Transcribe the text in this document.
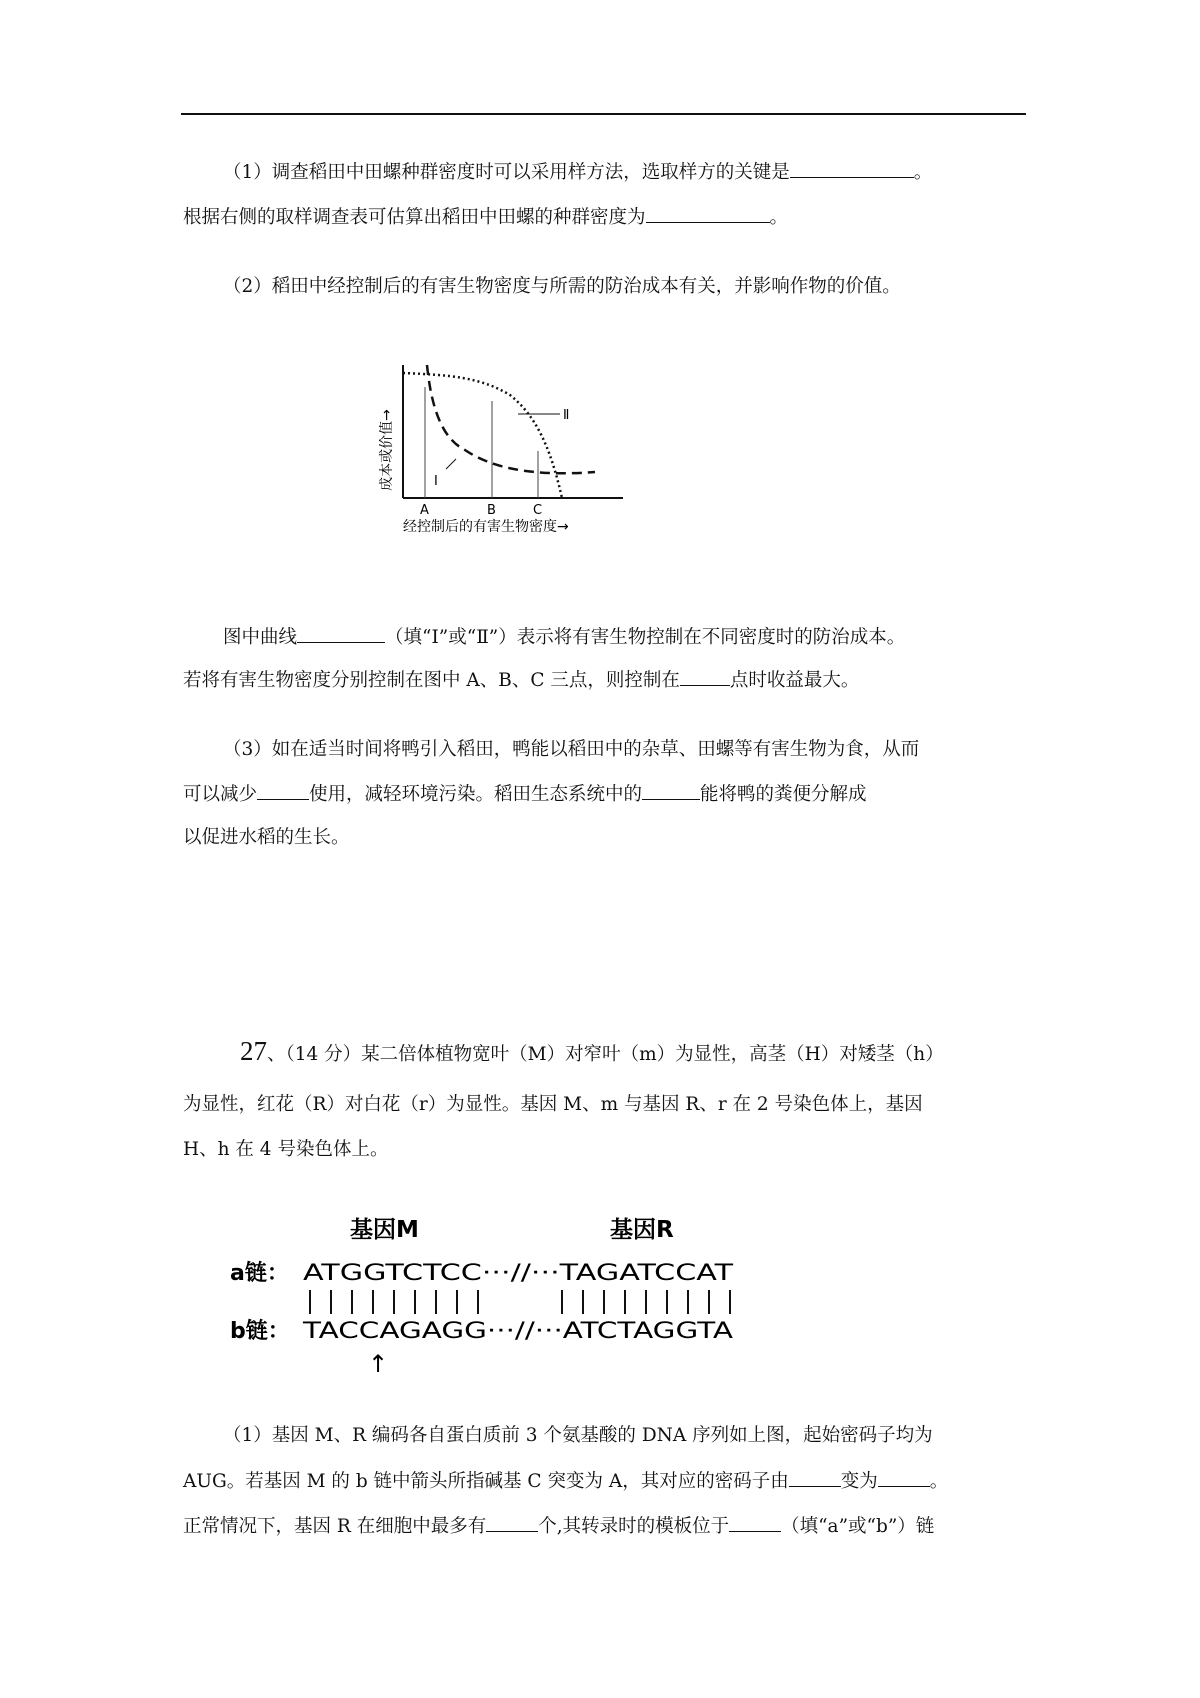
（1）调查稻田中田螺种群密度时可以采用样方法，选取样方的关键是	。
根据右侧的取样调查表可估算出稻田中田螺的种群密度为	。
（2）稻田中经控制后的有害生物密度与所需的防治成本有关，并影响作物的价值。
成本或价值→	Ⅱ
Ⅰ
A	B	C
经控制后的有害生物密度→
图中曲线	（填“Ⅰ”或“Ⅱ”）表示将有害生物控制在不同密度时的防治成本。
若将有害生物密度分别控制在图中 A、B、C 三点，则控制在	点时收益最大。
（3）如在适当时间将鸭引入稻田，鸭能以稻田中的杂草、田螺等有害生物为食，从而
可以减少	使用，减轻环境污染。稻田生态系统中的	能将鸭的粪便分解成
以促进水稻的生长。
27、（14 分）某二倍体植物宽叶（M）对窄叶（m）为显性，高茎（H）对矮茎（h）
为显性，红花（R）对白花（r）为显性。基因 M、m 与基因 R、r 在 2 号染色体上，基因
H、h 在 4 号染色体上。
基因M	基因R
a链： ATGGTCTCC···//···TAGATCCAT
b链： TACCAGAGG···//···ATCTAGGTA
↑
（1）基因 M、R 编码各自蛋白质前 3 个氨基酸的 DNA 序列如上图，起始密码子均为
AUG。若基因 M 的 b 链中箭头所指碱基 C 突变为 A，其对应的密码子由	变为	。
正常情况下，基因 R 在细胞中最多有	个,其转录时的模板位于	（填“a”或“b”）链
